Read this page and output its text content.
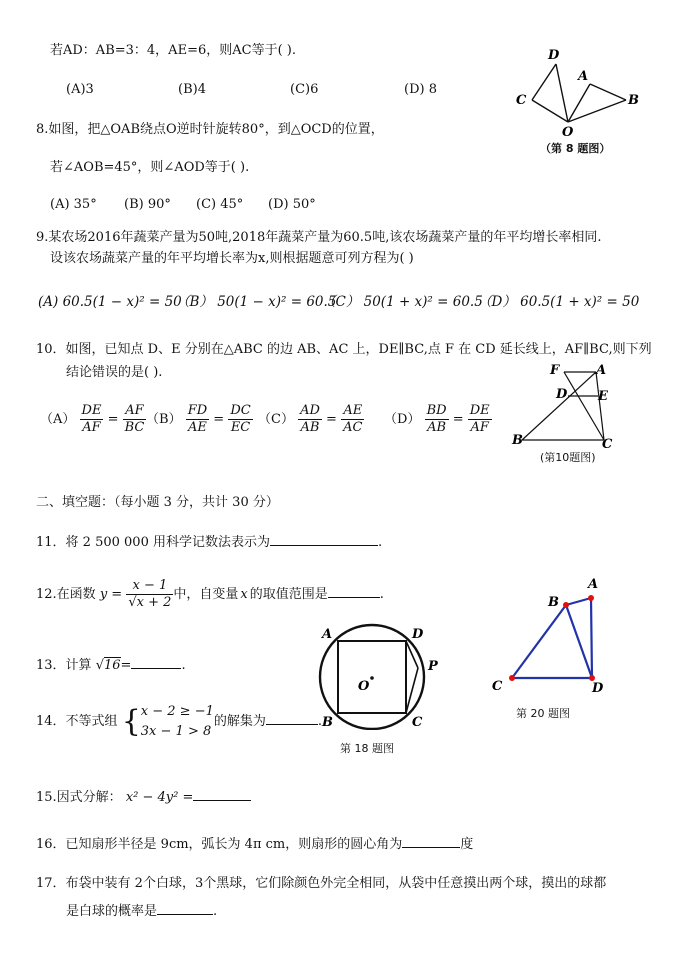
若AD：AB=3：4，AE=6，则AC等于( ).
(A)3	(B)4	(C)6	(D) 8
D
A
C	B
O
（第 8 题图）
8.如图，把△OAB绕点O逆时针旋转80°，到△OCD的位置，
若∠AOB=45°，则∠AOD等于( ).
(A) 35° (B) 90° (C) 45° (D) 50°
9.某农场2016年蔬菜产量为50吨,2018年蔬菜产量为60.5吨,该农场蔬菜产量的年平均增长率相同.
设该农场蔬菜产量的年平均增长率为x,则根据题意可列方程为( )
(A) 60.5(1 − x)² = 50
（B） 50(1 − x)² = 60.5
（C） 50(1 + x)² = 60.5
（D） 60.5(1 + x)² = 50
10．如图，已知点 D、E 分别在△ABC 的边 AB、AC 上，DE∥BC,点 F 在 CD 延长线上，AF∥BC,则下列
结论错误的是( ).
$(A) \frac{DE}{AF} = \frac{AF}{BC} (B) \frac{FD}{AE} = \frac{DC}{EC} (C) \frac{AD}{AB} = \frac{AE}{AC} (D) \frac{BD}{AB} = \frac{DE}{AF}$
F	A
D E
B	C
(第10题图)
二、填空题：（每小题 3 分，共计 30 分）
11．将 2 500 000 用科学记数法表示为	.
12.在函数 $y = \frac{x - 1}{√x + 2}$ 中，自变量 x 的取值范围是	.
13．计算 √16=	.
14．不等式组 { x − 2 ≥ −1
3x − 1 > 8
的解集为	.
15.因式分解： x² − 4y² =
16．已知扇形半径是 9cm，弧长为 4π cm，则扇形的圆心角为	度
17．布袋中装有 2个白球，3个黑球，它们除颜色外完全相同，从袋中任意摸出两个球，摸出的球都
是白球的概率是	.
A	D
O
P
B	C
第 18 题图
A
B
C	D
第 20 题图
